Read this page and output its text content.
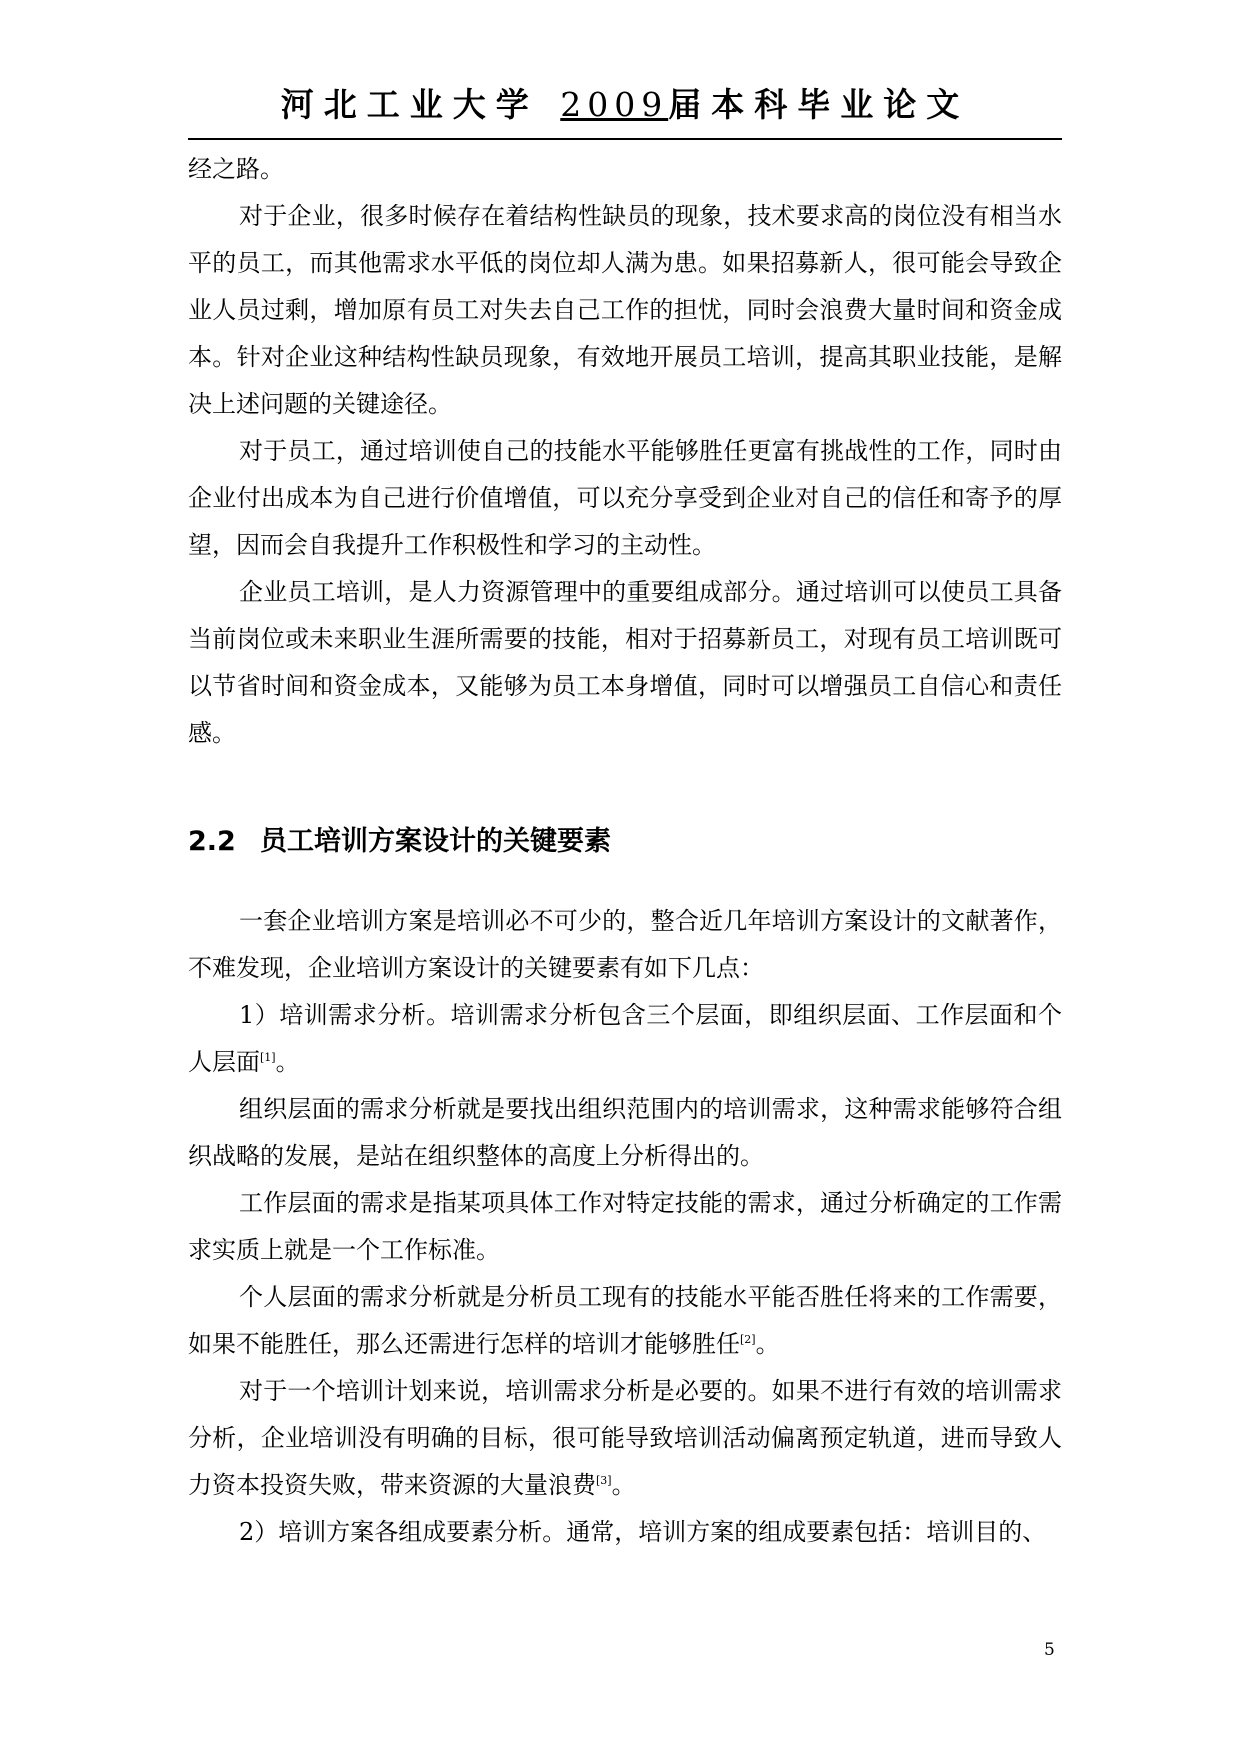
河北工业大学 2009届本科毕业论文

经之路。

对于企业，很多时候存在着结构性缺员的现象，技术要求高的岗位没有相当水平的员工，而其他需求水平低的岗位却人满为患。如果招募新人，很可能会导致企业人员过剩，增加原有员工对失去自己工作的担忧，同时会浪费大量时间和资金成本。针对企业这种结构性缺员现象，有效地开展员工培训，提高其职业技能，是解决上述问题的关键途径。

对于员工，通过培训使自己的技能水平能够胜任更富有挑战性的工作，同时由企业付出成本为自己进行价值增值，可以充分享受到企业对自己的信任和寄予的厚望，因而会自我提升工作积极性和学习的主动性。

企业员工培训，是人力资源管理中的重要组成部分。通过培训可以使员工具备当前岗位或未来职业生涯所需要的技能，相对于招募新员工，对现有员工培训既可以节省时间和资金成本，又能够为员工本身增值，同时可以增强员工自信心和责任感。

2.2 员工培训方案设计的关键要素

一套企业培训方案是培训必不可少的，整合近几年培训方案设计的文献著作，不难发现，企业培训方案设计的关键要素有如下几点：

1）培训需求分析。培训需求分析包含三个层面，即组织层面、工作层面和个人层面[1]。

组织层面的需求分析就是要找出组织范围内的培训需求，这种需求能够符合组织战略的发展，是站在组织整体的高度上分析得出的。

工作层面的需求是指某项具体工作对特定技能的需求，通过分析确定的工作需求实质上就是一个工作标准。

个人层面的需求分析就是分析员工现有的技能水平能否胜任将来的工作需要，如果不能胜任，那么还需进行怎样的培训才能够胜任[2]。

对于一个培训计划来说，培训需求分析是必要的。如果不进行有效的培训需求分析，企业培训没有明确的目标，很可能导致培训活动偏离预定轨道，进而导致人力资本投资失败，带来资源的大量浪费[3]。

2）培训方案各组成要素分析。通常，培训方案的组成要素包括：培训目的、

5
